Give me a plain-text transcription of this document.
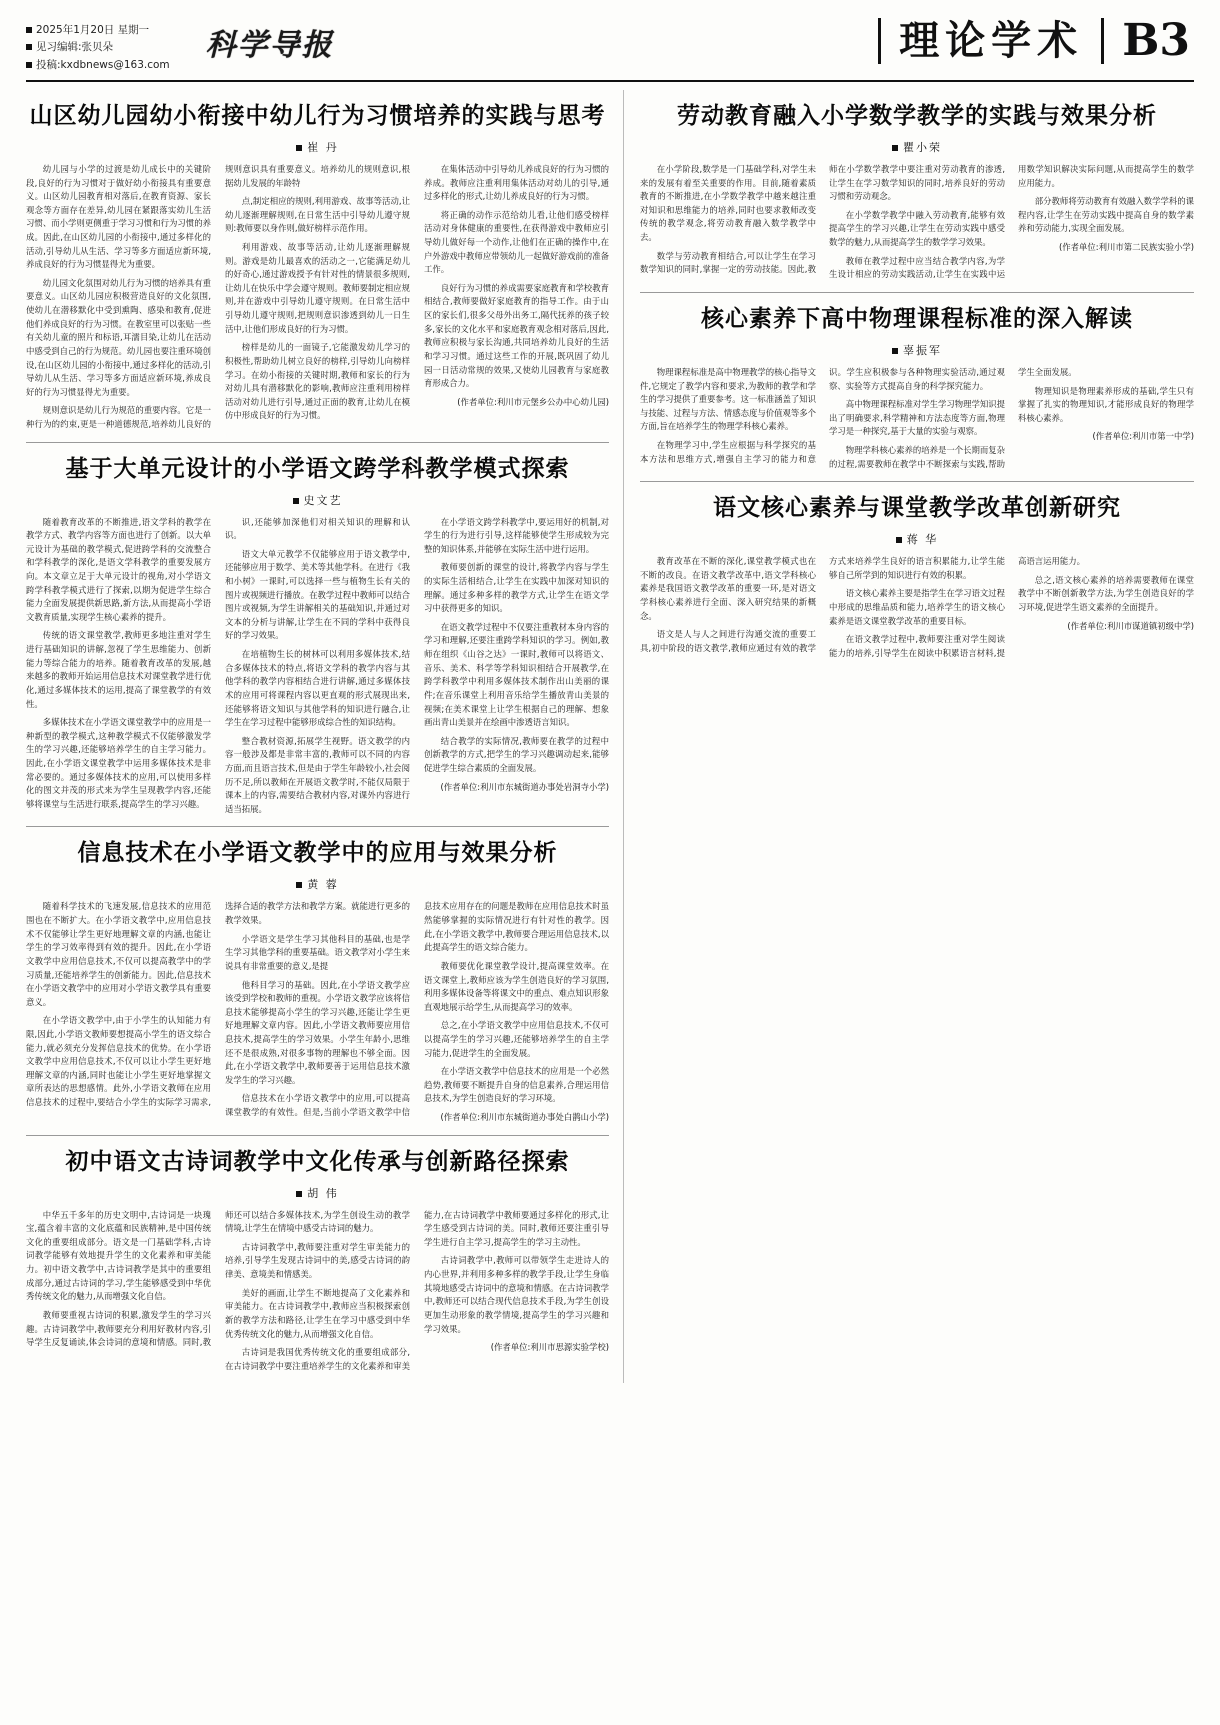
2025年1月20日 星期一
见习编辑:张贝朵
投稿:kxdbnews@163.com
科学导报	理论学术 B3
山区幼儿园幼小衔接中幼儿行为习惯培养的实践与思考
崔 丹

幼儿园与小学的过渡是幼儿成长中的关键阶段,良好的行为习惯对于做好幼小衔接具有重要意义。山区幼儿园教育相对落后,在教育资源、家长观念等方面存在差异,幼儿园在紧跟落实幼儿生活习惯、而小学则更侧重于学习习惯和行为习惯的养成。因此,在山区幼儿园的小衔接中,通过多样化的活动,引导幼儿从生活、学习等多方面适应新环境,养成良好的行为习惯显得尤为重要。

幼儿园文化氛围对幼儿行为习惯的培养具有重要意义。山区幼儿园应积极营造良好的文化氛围,使幼儿在潜移默化中受到熏陶、感染和教育,促进他们养成良好的行为习惯。在教室里可以张贴一些有关幼儿童的照片和标语,耳濡目染,让幼儿在活动中感受到自己的行为规范。幼儿园也要注重环境创设,在山区幼儿园的小衔接中,通过多样化的活动,引导幼儿从生活、学习等多方面适应新环境,养成良好的行为习惯显得尤为重要。

规则意识是幼儿行为规范的重要内容。它是一种行为的约束,更是一种道德规范,培养幼儿良好的规则意识具有重要意义。培养幼儿的规则意识,根据幼儿发展的年龄特

点,制定相应的规则,利用游戏、故事等活动,让幼儿逐渐理解规则,在日常生活中引导幼儿遵守规则:教师要以身作则,做好榜样示范作用。

利用游戏、故事等活动,让幼儿逐渐理解规则。游戏是幼儿最喜欢的活动之一,它能满足幼儿的好奇心,通过游戏授予有针对性的情景很多规则,让幼儿在快乐中学会遵守规则。教师要制定相应规则,并在游戏中引导幼儿遵守规则。在日常生活中引导幼儿遵守规则,把规则意识渗透到幼儿一日生活中,让他们形成良好的行为习惯。

榜样是幼儿的一面镜子,它能激发幼儿学习的积极性,帮助幼儿树立良好的榜样,引导幼儿向榜样学习。在幼小衔接的关键时期,教师和家长的行为对幼儿具有潜移默化的影响,教师应注重利用榜样活动对幼儿进行引导,通过正面的教育,让幼儿在模仿中形成良好的行为习惯。

在集体活动中引导幼儿养成良好的行为习惯的养成。教师应注重利用集体活动对幼儿的引导,通过多样化的形式,让幼儿养成良好的行为习惯。

将正确的动作示范给幼儿看,让他们感受榜样活动对身体健康的重要性,在获得游戏中教师应引导幼儿做好每一个动作,让他们在正确的操作中,在户外游戏中教师应带领幼儿一起做好游戏前的准备工作。

良好行为习惯的养成需要家庭教育和学校教育相结合,教师要做好家庭教育的指导工作。由于山区的家长们,很多父母外出务工,隔代抚养的孩子较多,家长的文化水平和家庭教育观念相对落后,因此,教师应积极与家长沟通,共同培养幼儿良好的生活和学习习惯。通过这些工作的开展,既巩固了幼儿园一日活动常规的效果,又使幼儿园教育与家庭教育形成合力。

(作者单位:利川市元堡乡公办中心幼儿园)
基于大单元设计的小学语文跨学科教学模式探索
史文艺

随着教育改革的不断推进,语文学科的教学在教学方式、教学内容等方面也进行了创新。以大单元设计为基础的教学模式,促进跨学科的交流整合和学科教学的深化,是语文学科教学的重要发展方向。本文章立足于大单元设计的视角,对小学语文跨学科教学模式进行了探索,以期为促进学生综合能力全面发展提供新思路,新方法,从而提高小学语文教育质量,实现学生核心素养的提升。

传统的语文课堂教学,教师更多地注重对学生进行基础知识的讲解,忽视了学生思维能力、创新能力等综合能力的培养。随着教育改革的发展,越来越多的教师开始运用信息技术对课堂教学进行优化,通过多媒体技术的运用,提高了课堂教学的有效性。

多媒体技术在小学语文课堂教学中的应用是一种新型的教学模式,这种教学模式不仅能够激发学生的学习兴趣,还能够培养学生的自主学习能力。因此,在小学语文课堂教学中运用多媒体技术是非常必要的。通过多媒体技术的应用,可以使用多样化的图文并茂的形式来为学生呈现教学内容,还能够将课堂与生活进行联系,提高学生的学习兴趣。

识,还能够加深他们对相关知识的理解和认识。

语文大单元教学不仅能够应用于语文教学中,还能够应用于数学、美术等其他学科。在进行《我和小树》一课时,可以选择一些与植物生长有关的图片或视频进行播放。在教学过程中教师可以结合图片或视频,为学生讲解相关的基础知识,并通过对文本的分析与讲解,让学生在不同的学科中获得良好的学习效果。

在培植物生长的树林可以利用多媒体技术,结合多媒体技术的特点,将语文学科的教学内容与其他学科的教学内容相结合进行讲解,通过多媒体技术的应用可将课程内容以更直观的形式展现出来,还能够将语文知识与其他学科的知识进行融合,让学生在学习过程中能够形成综合性的知识结构。

整合教材资源,拓展学生视野。语文教学的内容一般涉及都是非常丰富的,教师可以不同的内容方面,而且语言技术,但是由于学生年龄较小,社会阅历不足,所以教师在开展语文教学时,不能仅局限于课本上的内容,需要结合教材内容,对课外内容进行适当拓展。

在小学语文跨学科教学中,要运用好的机制,对学生的行为进行引导,这样能够使学生形成较为完整的知识体系,并能够在实际生活中进行运用。

教师要创新的课堂的设计,将教学内容与学生的实际生活相结合,让学生在实践中加深对知识的理解。通过多种多样的教学方式,让学生在语文学习中获得更多的知识。

在语文教学过程中不仅要注重教材本身内容的学习和理解,还要注重跨学科知识的学习。例如,教师在组织《山谷之达》一课时,教师可以将语文、音乐、美术、科学等学科知识相结合开展教学,在跨学科教学中利用多媒体技术制作出山美丽的课件;在音乐课堂上利用音乐给学生播放青山美景的视频;在美术课堂上让学生根据自己的理解、想象画出青山美景并在绘画中渗透语言知识。

结合教学的实际情况,教师要在教学的过程中创新教学的方式,把学生的学习兴趣调动起来,能够促进学生综合素质的全面发展。

(作者单位:利川市东城街道办事处岩洞寺小学)
信息技术在小学语文教学中的应用与效果分析
黄 蓉

随着科学技术的飞速发展,信息技术的应用范围也在不断扩大。在小学语文教学中,应用信息技术不仅能够让学生更好地理解文章的内涵,也能让学生的学习效率得到有效的提升。因此,在小学语文教学中应用信息技术,不仅可以提高教学中的学习质量,还能培养学生的创新能力。因此,信息技术在小学语文教学中的应用对小学语文教学具有重要意义。

在小学语文教学中,由于小学生的认知能力有限,因此,小学语文教师要想提高小学生的语文综合能力,就必须充分发挥信息技术的优势。在小学语文教学中应用信息技术,不仅可以让小学生更好地理解文章的内涵,同时也能让小学生更好地掌握文章所表达的思想感情。此外,小学语文教师在应用信息技术的过程中,要结合小学生的实际学习需求,选择合适的教学方法和教学方案。就能进行更多的教学效果。

小学语文是学生学习其他科目的基础,也是学生学习其他学科的重要基础。语文教学对小学生来说具有非常重要的意义,是提

他科目学习的基础。因此,在小学语文教学应该受到学校和教师的重视。小学语文教学应该将信息技术能够提高小学生的学习兴趣,还能让学生更好地理解文章内容。因此,小学语文教师要应用信息技术,提高学生的学习效果。小学生年龄小,思维还不是很成熟,对很多事物的理解也不够全面。因此,在小学语文教学中,教师要善于运用信息技术激发学生的学习兴趣。

信息技术在小学语文教学中的应用,可以提高课堂教学的有效性。但是,当前小学语文教学中信息技术应用存在的问题是教师在应用信息技术时虽然能够掌握的实际情况进行有针对性的教学。因此,在小学语文教学中,教师要合理运用信息技术,以此提高学生的语文综合能力。

教师要优化课堂教学设计,提高课堂效率。在语文课堂上,教师应该为学生创造良好的学习氛围,利用多媒体设备等将课文中的重点、难点知识形象直观地展示给学生,从而提高学习的效率。

总之,在小学语文教学中应用信息技术,不仅可以提高学生的学习兴趣,还能够培养学生的自主学习能力,促进学生的全面发展。

在小学语文教学中信息技术的应用是一个必然趋势,教师要不断提升自身的信息素养,合理运用信息技术,为学生创造良好的学习环境。

(作者单位:利川市东城街道办事处白鹊山小学)
初中语文古诗词教学中文化传承与创新路径探索
胡 伟

中华五千多年的历史文明中,古诗词是一块瑰宝,蕴含着丰富的文化底蕴和民族精神,是中国传统文化的重要组成部分。语文是一门基础学科,古诗词教学能够有效地提升学生的文化素养和审美能力。初中语文教学中,古诗词教学是其中的重要组成部分,通过古诗词的学习,学生能够感受到中华优秀传统文化的魅力,从而增强文化自信。

教师要重视古诗词的积累,激发学生的学习兴趣。古诗词教学中,教师要充分利用好教材内容,引导学生反复诵读,体会诗词的意境和情感。同时,教师还可以结合多媒体技术,为学生创设生动的教学情境,让学生在情境中感受古诗词的魅力。

古诗词教学中,教师要注重对学生审美能力的培养,引导学生发现古诗词中的美,感受古诗词的韵律美、意境美和情感美。

美好的画面,让学生不断地提高了文化素养和审美能力。在古诗词教学中,教师应当积极探索创新的教学方法和路径,让学生在学习中感受到中华优秀传统文化的魅力,从而增强文化自信。

古诗词是我国优秀传统文化的重要组成部分,在古诗词教学中要注重培养学生的文化素养和审美能力,在古诗词教学中教师要通过多样化的形式,让学生感受到古诗词的美。同时,教师还要注重引导学生进行自主学习,提高学生的学习主动性。

古诗词教学中,教师可以带领学生走进诗人的内心世界,并利用多种多样的教学手段,让学生身临其境地感受古诗词中的意境和情感。在古诗词教学中,教师还可以结合现代信息技术手段,为学生创设更加生动形象的教学情境,提高学生的学习兴趣和学习效果。

(作者单位:利川市思源实验学校)
劳动教育融入小学数学教学的实践与效果分析
瞿小荣

在小学阶段,数学是一门基础学科,对学生未来的发展有着至关重要的作用。目前,随着素质教育的不断推进,在小学数学教学中越来越注重对知识和思维能力的培养,同时也要求教师改变传统的教学观念,将劳动教育融入数学教学中去。

数学与劳动教育相结合,可以让学生在学习数学知识的同时,掌握一定的劳动技能。因此,教师在小学数学教学中要注重对劳动教育的渗透,让学生在学习数学知识的同时,培养良好的劳动习惯和劳动观念。

在小学数学教学中融入劳动教育,能够有效提高学生的学习兴趣,让学生在劳动实践中感受数学的魅力,从而提高学生的数学学习效果。

教师在教学过程中应当结合教学内容,为学生设计相应的劳动实践活动,让学生在实践中运用数学知识解决实际问题,从而提高学生的数学应用能力。

部分教师将劳动教育有效融入数学学科的课程内容,让学生在劳动实践中提高自身的数学素养和劳动能力,实现全面发展。

(作者单位:利川市第二民族实验小学)
核心素养下高中物理课程标准的深入解读
辜振军

物理课程标准是高中物理教学的核心指导文件,它规定了教学内容和要求,为教师的教学和学生的学习提供了重要参考。这一标准涵盖了知识与技能、过程与方法、情感态度与价值观等多个方面,旨在培养学生的物理学科核心素养。

在物理学习中,学生应根据与科学探究的基本方法和思维方式,增强自主学习的能力和意识。学生应积极参与各种物理实验活动,通过观察、实验等方式提高自身的科学探究能力。

高中物理课程标准对学生学习物理学知识提出了明确要求,科学精神和方法态度等方面,物理学习是一种探究,基于大量的实验与观察。

物理学科核心素养的培养是一个长期而复杂的过程,需要教师在教学中不断探索与实践,帮助学生全面发展。

物理知识是物理素养形成的基础,学生只有掌握了扎实的物理知识,才能形成良好的物理学科核心素养。

(作者单位:利川市第一中学)
语文核心素养与课堂教学改革创新研究
蒋 华

教育改革在不断的深化,课堂教学模式也在不断的改良。在语文教学改革中,语文学科核心素养是我国语文教学改革的重要一环,是对语文学科核心素养进行全面、深入研究结果的新概念。

语文是人与人之间进行沟通交流的重要工具,初中阶段的语文教学,教师应通过有效的教学方式来培养学生良好的语言积累能力,让学生能够自己所学到的知识进行有效的积累。

语文核心素养主要是指学生在学习语文过程中形成的思维品质和能力,培养学生的语文核心素养是语文课堂教学改革的重要目标。

在语文教学过程中,教师要注重对学生阅读能力的培养,引导学生在阅读中积累语言材料,提高语言运用能力。

总之,语文核心素养的培养需要教师在课堂教学中不断创新教学方法,为学生创造良好的学习环境,促进学生语文素养的全面提升。

(作者单位:利川市谋道镇初级中学)
